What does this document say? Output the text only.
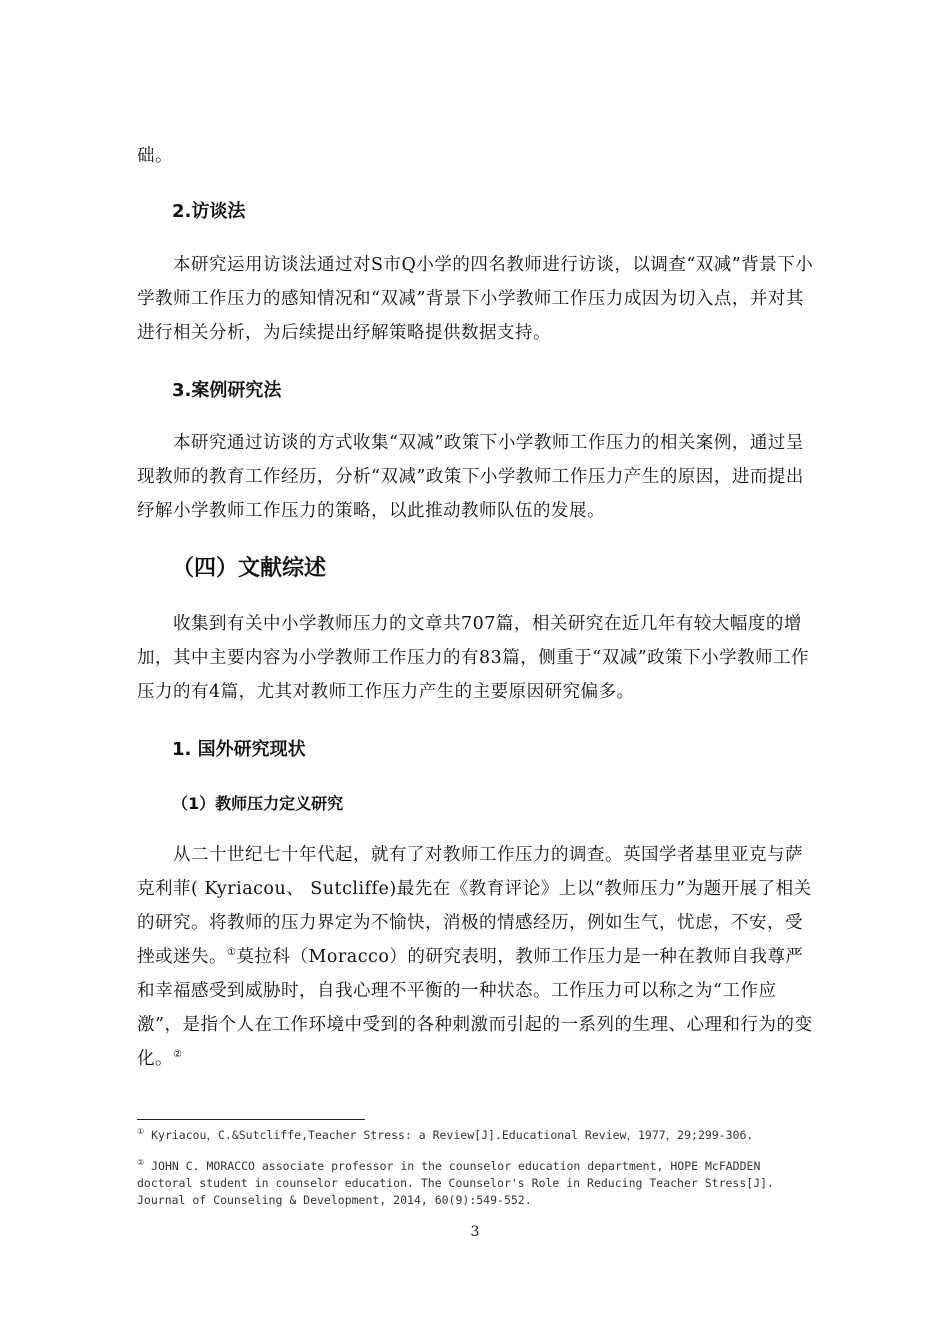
础。

2.访谈法

本研究运用访谈法通过对S市Q小学的四名教师进行访谈，以调查“双减”背景下小学教师工作压力的感知情况和“双减”背景下小学教师工作压力成因为切入点，并对其进行相关分析，为后续提出纾解策略提供数据支持。

3.案例研究法

本研究通过访谈的方式收集“双减”政策下小学教师工作压力的相关案例，通过呈现教师的教育工作经历，分析“双减”政策下小学教师工作压力产生的原因，进而提出纾解小学教师工作压力的策略，以此推动教师队伍的发展。

（四）文献综述

收集到有关中小学教师压力的文章共707篇，相关研究在近几年有较大幅度的增加，其中主要内容为小学教师工作压力的有83篇，侧重于“双减”政策下小学教师工作压力的有4篇，尤其对教师工作压力产生的主要原因研究偏多。

1. 国外研究现状
（1）教师压力定义研究

从二十世纪七十年代起，就有了对教师工作压力的调查。英国学者基里亚克与萨克利菲( Kyriacou、 Sutcliffe)最先在《教育评论》上以“教师压力”为题开展了相关的研究。将教师的压力界定为不愉快，消极的情感经历，例如生气，忧虑，不安，受挫或迷失。①莫拉科（Moracco）的研究表明，教师工作压力是一种在教师自我尊严和幸福感受到威胁时，自我心理不平衡的一种状态。工作压力可以称之为“工作应激”，是指个人在工作环境中受到的各种刺激而引起的一系列的生理、心理和行为的变化。②

① Kyriacou，C.&Sutcliffe,Teacher Stress: a Review[J].Educational Review，1977，29;299-306.

② JOHN C. MORACCO associate professor in the counselor education department, HOPE McFADDEN doctoral student in counselor education. The Counselor's Role in Reducing Teacher Stress[J]. Journal of Counseling & Development, 2014, 60(9):549-552.

3
